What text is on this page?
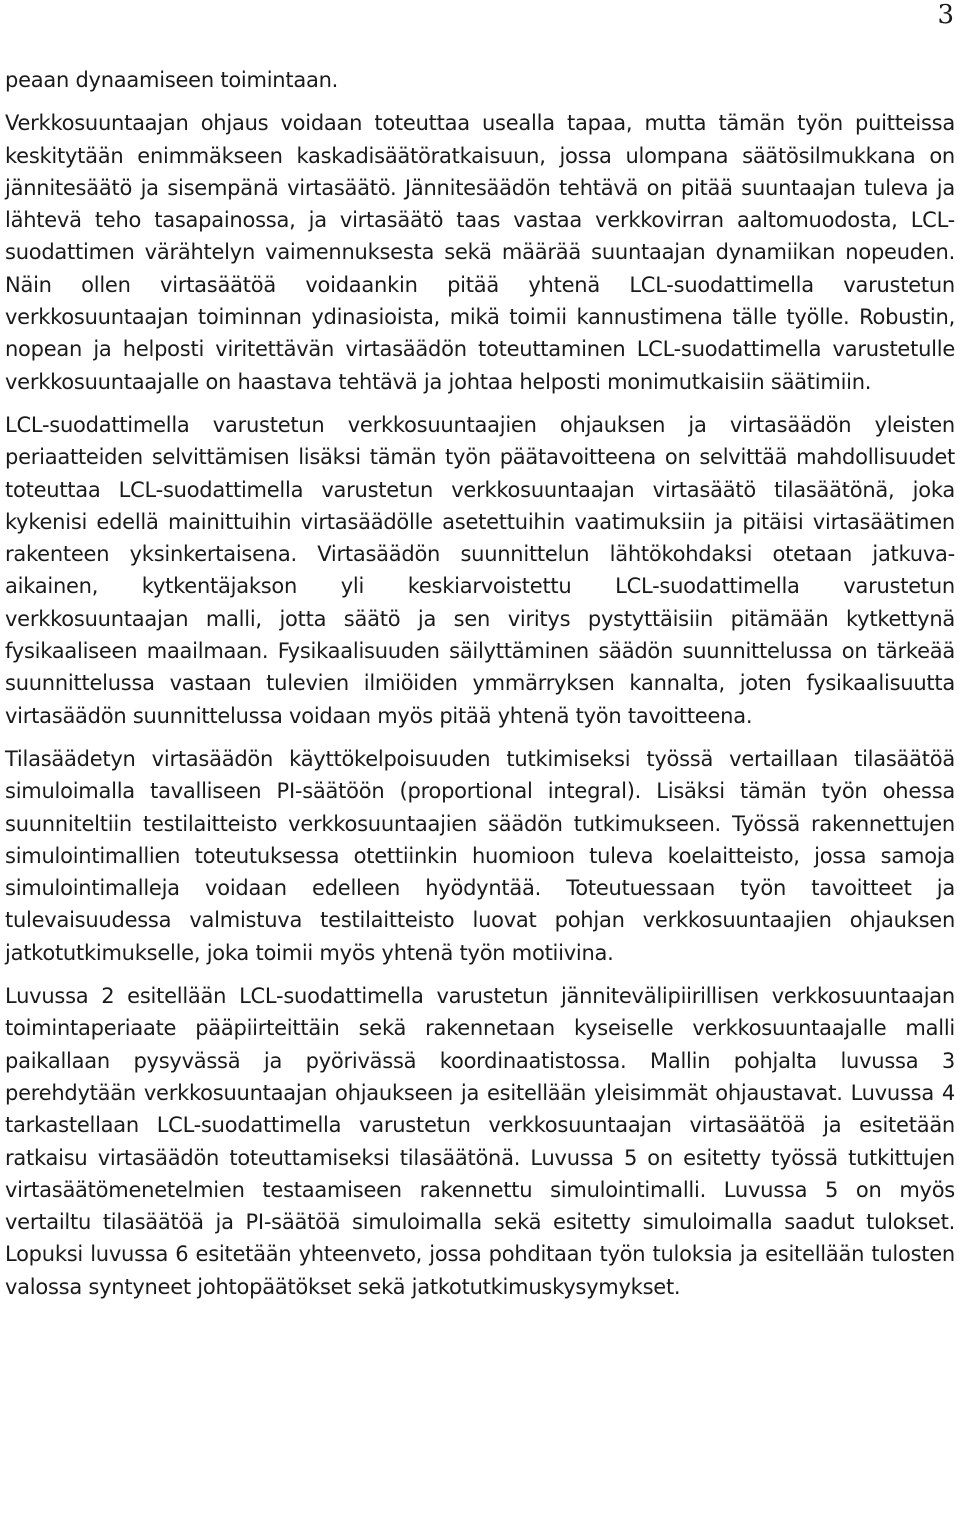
3

peaan dynaamiseen toimintaan.

Verkkosuuntaajan ohjaus voidaan toteuttaa usealla tapaa, mutta tämän työn puitteissa keskitytään enimmäkseen kaskadisäätöratkaisuun, jossa ulompana säätösilmukkana on jännitesäätö ja sisempänä virtasäätö. Jännitesäädön tehtävä on pitää suuntaajan tuleva ja lähtevä teho tasapainossa, ja virtasäätö taas vastaa verkkovirran aaltomuodosta, LCL-suodattimen värähtelyn vaimennuksesta sekä määrää suuntaajan dynamiikan nopeuden. Näin ollen virtasäätöä voidaankin pitää yhtenä LCL-suodattimella varustetun verkkosuuntaajan toiminnan ydinasioista, mikä toimii kannustimena tälle työlle. Robustin, nopean ja helposti viritettävän virtasäädön toteuttaminen LCL-suodattimella varustetulle verkkosuuntaajalle on haastava tehtävä ja johtaa helposti monimutkaisiin säätimiin.

LCL-suodattimella varustetun verkkosuuntaajien ohjauksen ja virtasäädön yleisten periaatteiden selvittämisen lisäksi tämän työn päätavoitteena on selvittää mahdollisuudet toteuttaa LCL-suodattimella varustetun verkkosuuntaajan virtasäätö tilasäätönä, joka kykenisi edellä mainittuihin virtasäädölle asetettuihin vaatimuksiin ja pitäisi virtasäätimen rakenteen yksinkertaisena. Virtasäädön suunnittelun lähtökohdaksi otetaan jatkuva-aikainen, kytkentäjakson yli keskiarvoistettu LCL-suodattimella varustetun verkkosuuntaajan malli, jotta säätö ja sen viritys pystyttäisiin pitämään kytkettynä fysikaaliseen maailmaan. Fysikaalisuuden säilyttäminen säädön suunnittelussa on tärkeää suunnittelussa vastaan tulevien ilmiöiden ymmärryksen kannalta, joten fysikaalisuutta virtasäädön suunnittelussa voidaan myös pitää yhtenä työn tavoitteena.

Tilasäädetyn virtasäädön käyttökelpoisuuden tutkimiseksi työssä vertaillaan tilasäätöä simuloimalla tavalliseen PI-säätöön (proportional integral). Lisäksi tämän työn ohessa suunniteltiin testilaitteisto verkkosuuntaajien säädön tutkimukseen. Työssä rakennettujen simulointimallien toteutuksessa otettiinkin huomioon tuleva koelaitteisto, jossa samoja simulointimalleja voidaan edelleen hyödyntää. Toteutuessaan työn tavoitteet ja tulevaisuudessa valmistuva testilaitteisto luovat pohjan verkkosuuntaajien ohjauksen jatkotutkimukselle, joka toimii myös yhtenä työn motiivina.

Luvussa 2 esitellään LCL-suodattimella varustetun jännitevälipiirillisen verkkosuuntaajan toimintaperiaate pääpiirteittäin sekä rakennetaan kyseiselle verkkosuuntaajalle malli paikallaan pysyvässä ja pyörivässä koordinaatistossa. Mallin pohjalta luvussa 3 perehdytään verkkosuuntaajan ohjaukseen ja esitellään yleisimmät ohjaustavat. Luvussa 4 tarkastellaan LCL-suodattimella varustetun verkkosuuntaajan virtasäätöä ja esitetään ratkaisu virtasäädön toteuttamiseksi tilasäätönä. Luvussa 5 on esitetty työssä tutkittujen virtasäätömenetelmien testaamiseen rakennettu simulointimalli. Luvussa 5 on myös vertailtu tilasäätöä ja PI-säätöä simuloimalla sekä esitetty simuloimalla saadut tulokset. Lopuksi luvussa 6 esitetään yhteenveto, jossa pohditaan työn tuloksia ja esitellään tulosten valossa syntyneet johtopäätökset sekä jatkotutkimuskysymykset.
